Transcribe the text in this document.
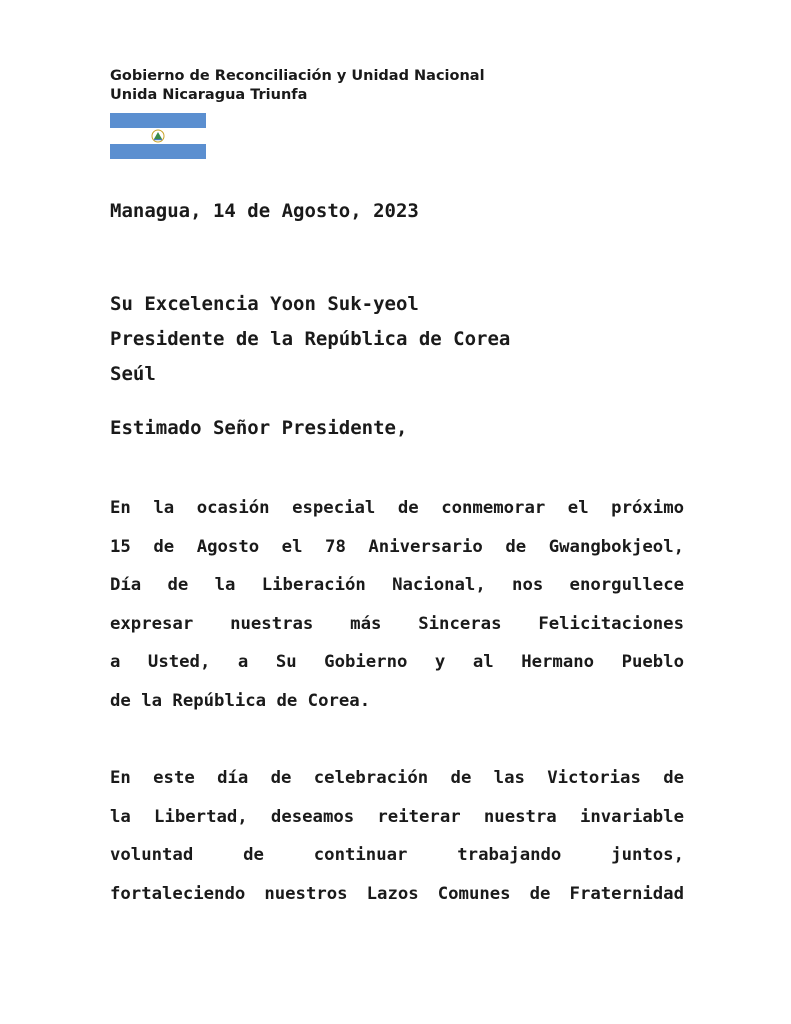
Gobierno de Reconciliación y Unidad Nacional
Unida Nicaragua Triunfa
Managua, 14 de Agosto, 2023
Su Excelencia Yoon Suk-yeol
Presidente de la República de Corea
Seúl
Estimado Señor Presidente,
En la ocasión especial de conmemorar el próximo
15 de Agosto el 78 Aniversario de Gwangbokjeol,
Día de la Liberación Nacional, nos enorgullece
expresar nuestras más Sinceras Felicitaciones
a Usted, a Su Gobierno y al Hermano Pueblo
de la República de Corea.
En este día de celebración de las Victorias de
la Libertad, deseamos reiterar nuestra invariable
voluntad de continuar trabajando juntos,
fortaleciendo nuestros Lazos Comunes de Fraternidad
